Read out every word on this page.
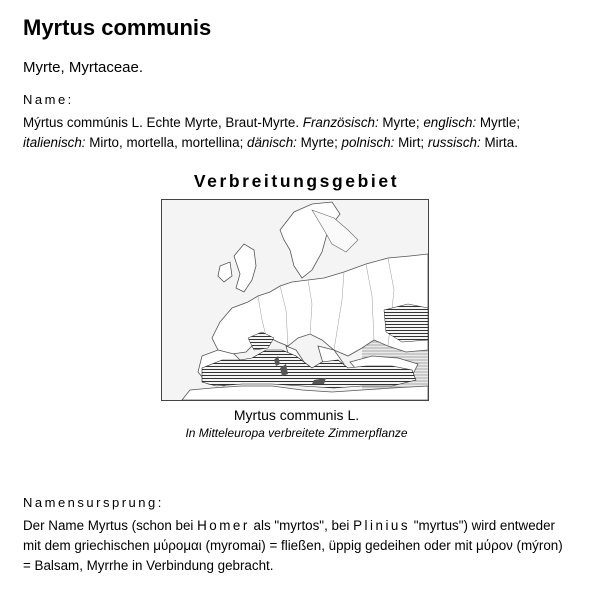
Myrtus communis

Myrte, Myrtaceae.

Name:

Mýrtus commúnis L. Echte Myrte, Braut-Myrte. Französisch: Myrte; englisch: Myrtle; italienisch: Mirto, mortella, mortellina; dänisch: Myrte; polnisch: Mirt; russisch: Mirta.

Verbreitungsgebiet

Myrtus communis L.

In Mitteleuropa verbreitete Zimmerpflanze

Namensursprung:

Der Name Myrtus (schon bei Homer als "myrtos", bei Plinius "myrtus") wird entweder mit dem griechischen μύρομαι (myromai) = fließen, üppig gedeihen oder mit μύρον (mýron) = Balsam, Myrrhe in Verbindung gebracht.
